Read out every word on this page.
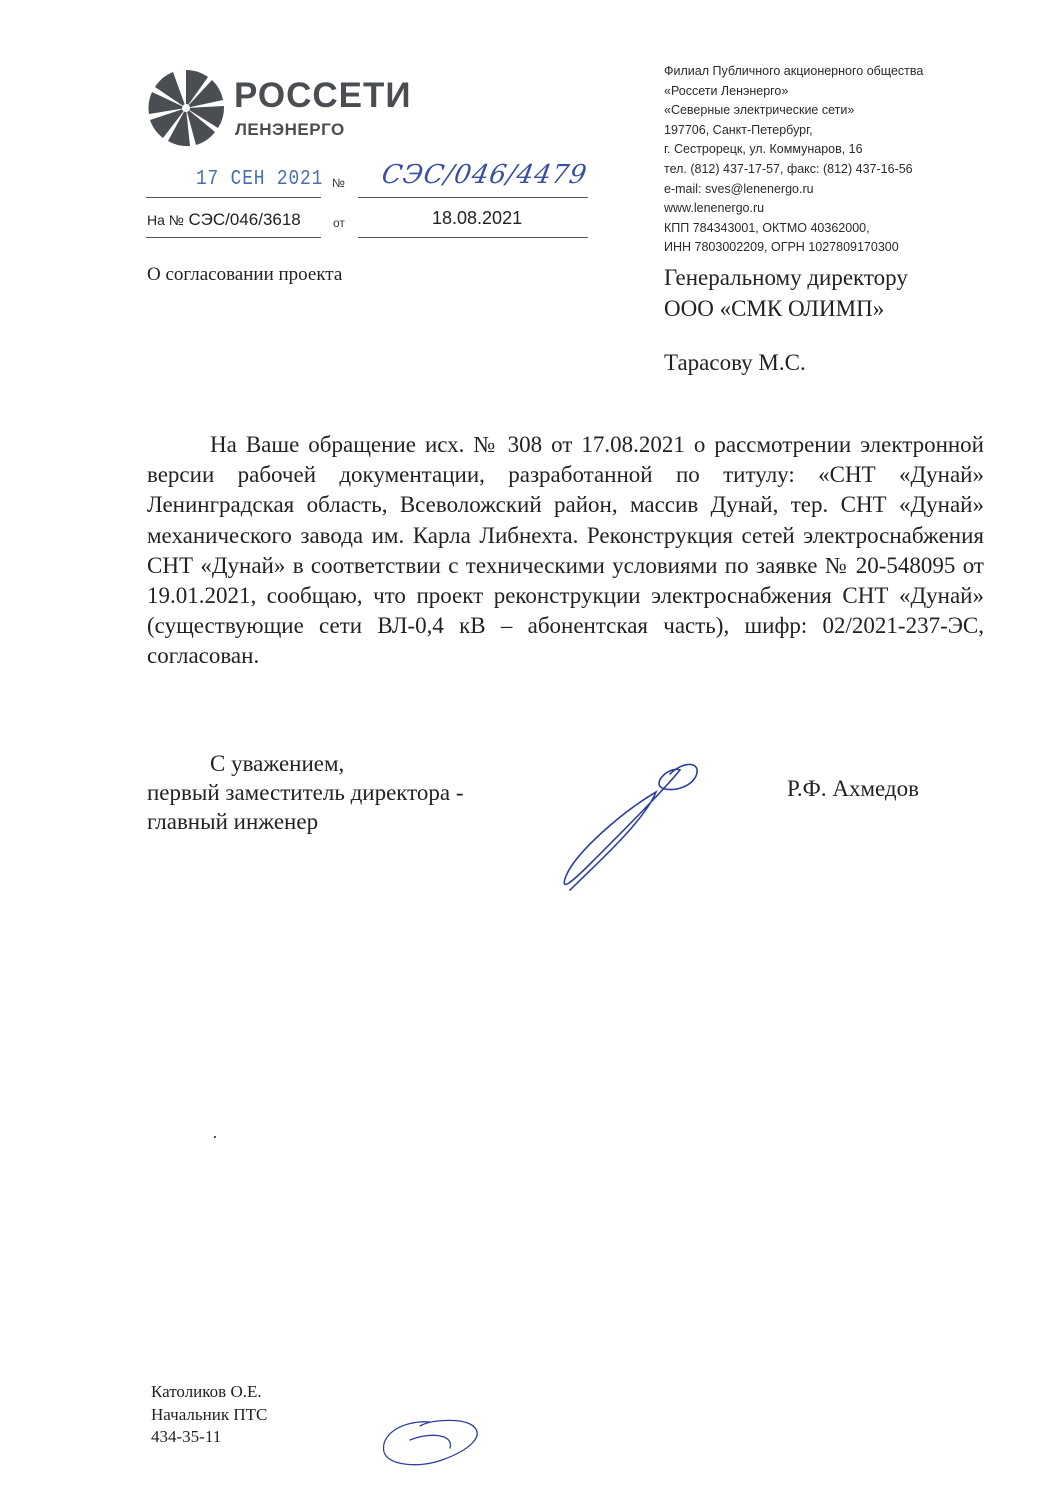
РОССЕТИ
ЛЕНЭНЕРГО
17 СЕН 2021 № СЭС/046/4479
На № СЭС/046/3618	от	18.08.2021
О согласовании проекта
Филиал Публичного акционерного общества
«Россети Ленэнерго»
«Северные электрические сети»
197706, Санкт-Петербург,
г. Сестрорецк, ул. Коммунаров, 16
тел. (812) 437-17-57, факс: (812) 437-16-56
e-mail: sves@lenenergo.ru
www.lenenergo.ru
КПП 784343001, ОКТМО 40362000,
ИНН 7803002209, ОГРН 1027809170300
Генеральному директору
ООО «СМК ОЛИМП»
Тарасову М.С.

На Ваше обращение исх. № 308 от 17.08.2021 о рассмотрении электронной версии рабочей документации, разработанной по титулу: «СНТ «Дунай» Ленинградская область, Всеволожский район, массив Дунай, тер. СНТ «Дунай» механического завода им. Карла Либнехта. Реконструкция сетей электроснабжения СНТ «Дунай» в соответствии с техническими условиями по заявке № 20-548095 от 19.01.2021, сообщаю, что проект реконструкции электроснабжения СНТ «Дунай» (существующие сети ВЛ-0,4 кВ – абонентская часть), шифр: 02/2021-237-ЭС, согласован.

С уважением,
первый заместитель директора -
главный инженер
Р.Ф. Ахмедов
Католиков О.Е.
Начальник ПТС
434-35-11
